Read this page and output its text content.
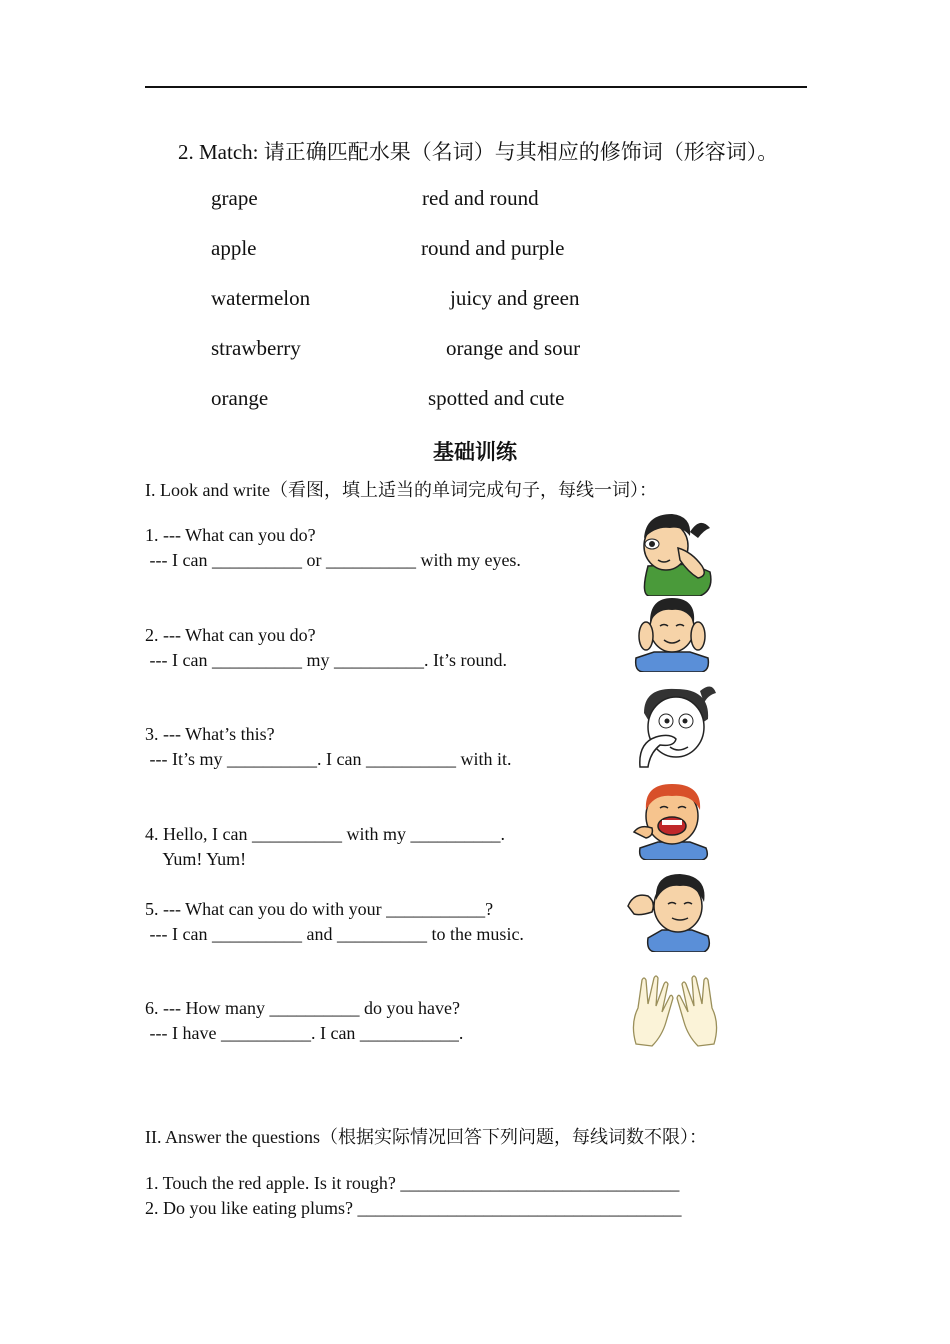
2. Match: 请正确匹配水果（名词）与其相应的修饰词（形容词）。
grape
apple
watermelon
strawberry
orange
red and round
round and purple
juicy and green
orange and sour
spotted and cute
基础训练
I. Look and write（看图，填上适当的单词完成句子，每线一词）：
1. --- What can you do?
--- I can __________ or __________ with my eyes.
2. --- What can you do?
--- I can __________ my __________. It’s round.
3. --- What’s this?
--- It’s my __________. I can __________ with it.
4. Hello, I can __________ with my __________.
Yum! Yum!
5. --- What can you do with your ___________?
--- I can __________ and __________ to the music.
6. --- How many __________ do you have?
--- I have __________. I can ___________.
II. Answer the questions（根据实际情况回答下列问题，每线词数不限）：
1. Touch the red apple. Is it rough? _______________________________
2. Do you like eating plums? ____________________________________
